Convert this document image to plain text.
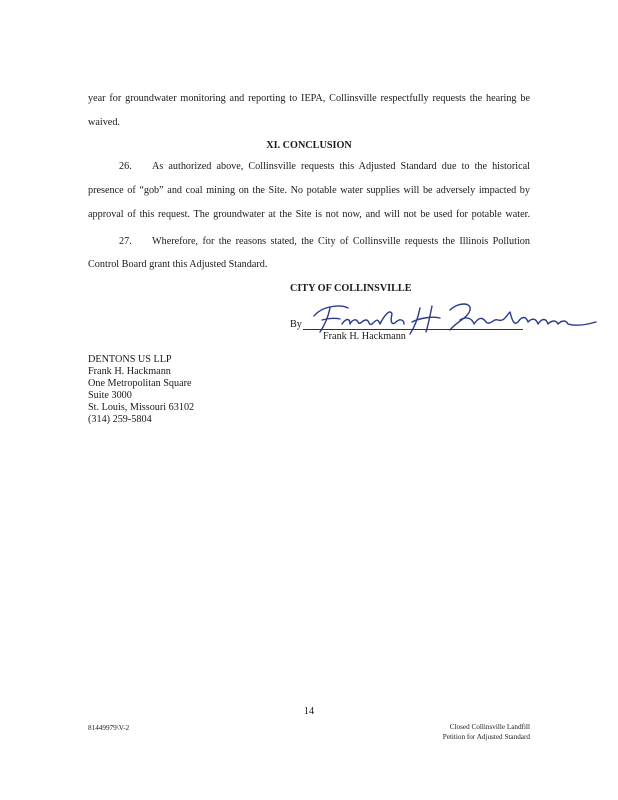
year for groundwater monitoring and reporting to IEPA, Collinsville respectfully requests the hearing be
waived.
XI. CONCLUSION
26. As authorized above, Collinsville requests this Adjusted Standard due to the historical
presence of “gob” and coal mining on the Site. No potable water supplies will be adversely impacted by
approval of this request. The groundwater at the Site is not now, and will not be used for potable water.
27. Wherefore, for the reasons stated, the City of Collinsville requests the Illinois Pollution
Control Board grant this Adjusted Standard.
CITY OF COLLINSVILLE
By
Frank H. Hackmann
DENTONS US LLP
Frank H. Hackmann
One Metropolitan Square
Suite 3000
St. Louis, Missouri 63102
(314) 259-5804
14
81449979\V-2	Closed Collinsville Landfill
Petition for Adjusted Standard
